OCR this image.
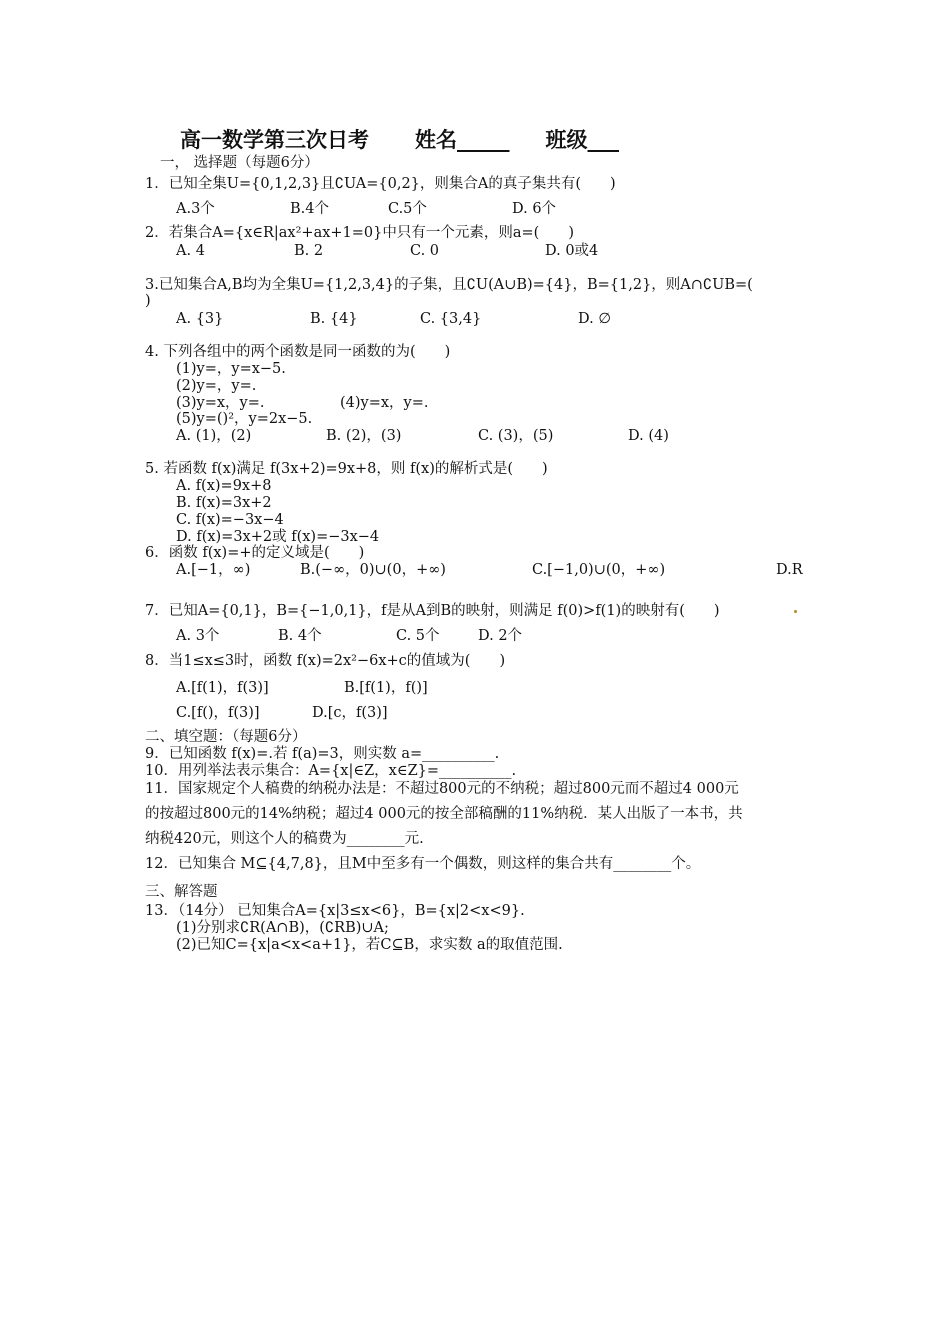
高一数学第三次日考 姓名_____ 班级___
一， 选择题（每题6分）
1．已知全集U={0,1,2,3}且∁UA={0,2}，则集合A的真子集共有(　　)
A.3个	B.4个	C.5个	D. 6个
2．若集合A={x∈R|ax²+ax+1=0}中只有一个元素，则a=(　　)
A. 4	B. 2	C. 0	D. 0或4
3.已知集合A,B均为全集U={1,2,3,4}的子集，且∁U(A∪B)={4}，B={1,2}，则A∩∁UB=(
)
A. {3}	B. {4}	C. {3,4}	D. ∅
4. 下列各组中的两个函数是同一函数的为(　　)
(1)y=，y=x−5.
(2)y=，y=.
(3)y=x，y=.	(4)y=x，y=.
(5)y=()²，y=2x−5.
A. (1)，(2)	B. (2)，(3)	C. (3)，(5)	D. (4)
5. 若函数 f(x)满足 f(3x+2)=9x+8，则 f(x)的解析式是(　　)
A. f(x)=9x+8
B. f(x)=3x+2
C. f(x)=−3x−4
D. f(x)=3x+2或 f(x)=−3x−4
6．函数 f(x)=+的定义域是(　　)
A.[−1，∞)	B.(−∞，0)∪(0，+∞)	C.[−1,0)∪(0，+∞)	D.R
7．已知A={0,1}，B={−1,0,1}，f是从A到B的映射，则满足 f(0)>f(1)的映射有(　　)
A. 3个	B. 4个	C. 5个	D. 2个
8．当1≤x≤3时，函数 f(x)=2x²−6x+c的值域为(　　)
A.[f(1)，f(3)]	B.[f(1)，f()]
C.[f()，f(3)]	D.[c，f(3)]
二、填空题：（每题6分）
9．已知函数 f(x)=.若 f(a)=3，则实数 a=__________.
10．用列举法表示集合：A={x|∈Z，x∈Z}=__________.
11．国家规定个人稿费的纳税办法是：不超过800元的不纳税；超过800元而不超过4 000元
的按超过800元的14%纳税；超过4 000元的按全部稿酬的11%纳税．某人出版了一本书，共
纳税420元，则这个人的稿费为________元.
12．已知集合 M⊆{4,7,8}，且M中至多有一个偶数，则这样的集合共有________个。
三、解答题
13．（14分） 已知集合A={x|3≤x<6}，B={x|2<x<9}.
(1)分别求∁R(A∩B)，(∁RB)∪A;
(2)已知C={x|a<x<a+1}，若C⊆B，求实数 a的取值范围.
